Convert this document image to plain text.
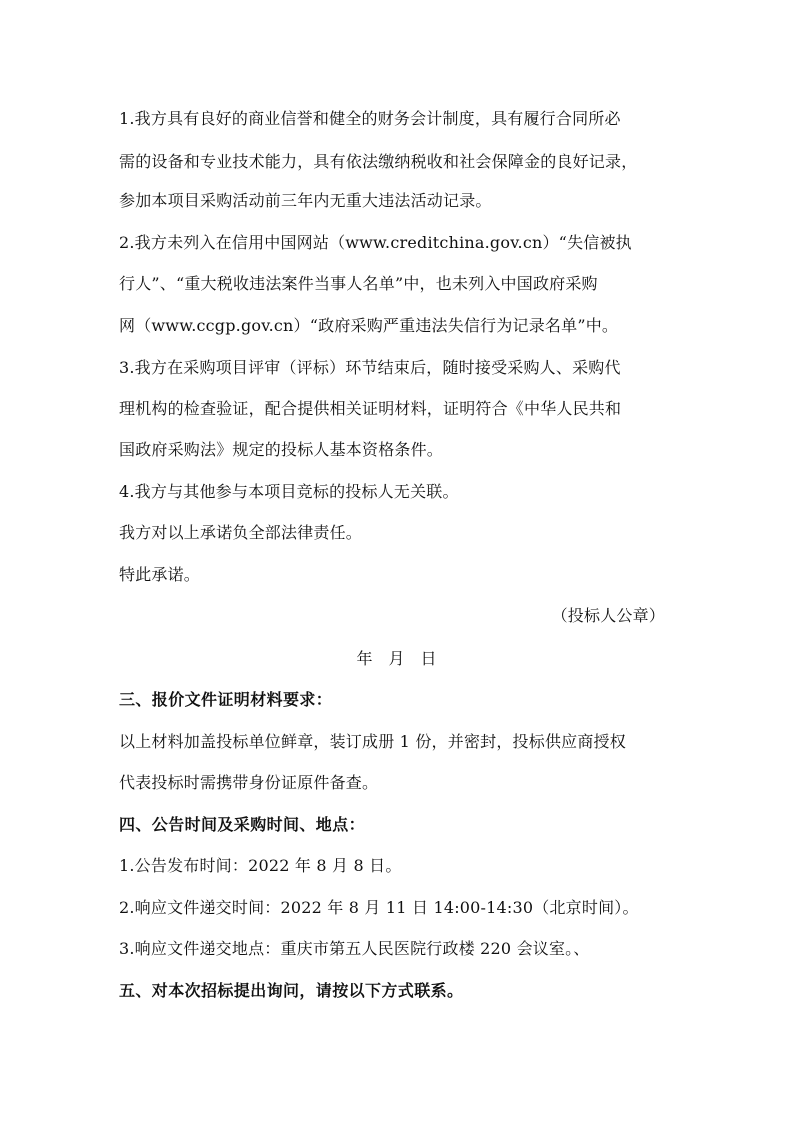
1.我方具有良好的商业信誉和健全的财务会计制度，具有履行合同所必
需的设备和专业技术能力，具有依法缴纳税收和社会保障金的良好记录，
参加本项目采购活动前三年内无重大违法活动记录。
2.我方未列入在信用中国网站（www.creditchina.gov.cn）“失信被执
行人”、“重大税收违法案件当事人名单”中，也未列入中国政府采购
网（www.ccgp.gov.cn）“政府采购严重违法失信行为记录名单”中。
3.我方在采购项目评审（评标）环节结束后，随时接受采购人、采购代
理机构的检查验证，配合提供相关证明材料，证明符合《中华人民共和
国政府采购法》规定的投标人基本资格条件。
4.我方与其他参与本项目竞标的投标人无关联。
我方对以上承诺负全部法律责任。
特此承诺。
（投标人公章）
年　月　日
三、报价文件证明材料要求：
以上材料加盖投标单位鲜章，装订成册 1 份，并密封，投标供应商授权
代表投标时需携带身份证原件备查。
四、公告时间及采购时间、地点：
1.公告发布时间：2022 年 8 月 8 日。
2.响应文件递交时间：2022 年 8 月 11 日 14:00-14:30（北京时间）。
3.响应文件递交地点：重庆市第五人民医院行政楼 220 会议室。、
五、对本次招标提出询问，请按以下方式联系。
